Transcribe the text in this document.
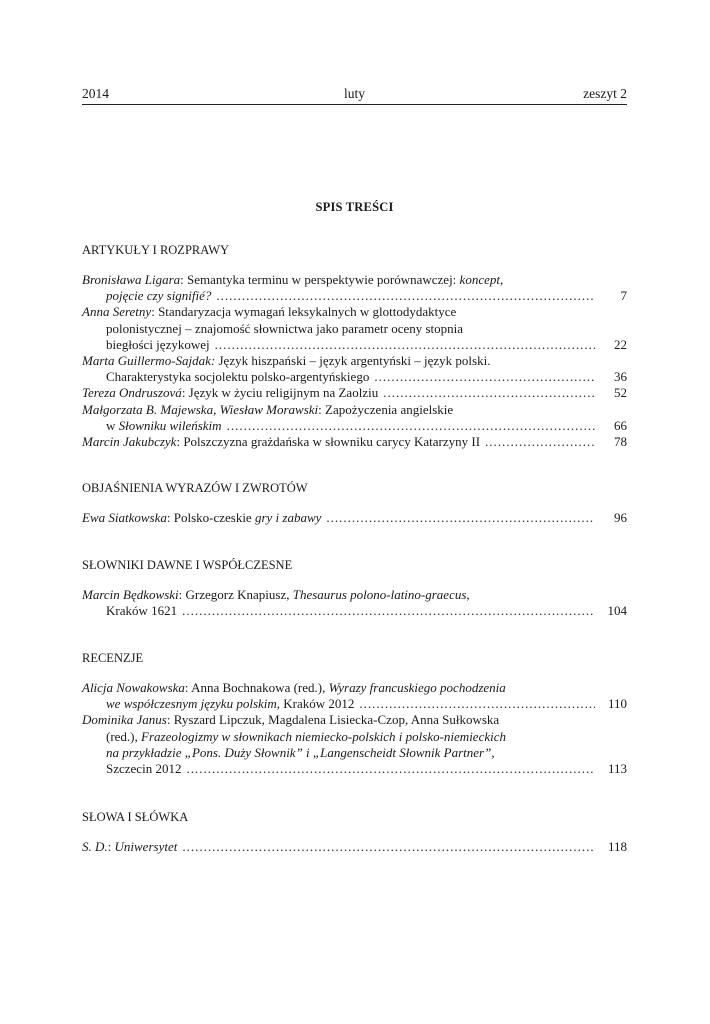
2014	luty	zeszyt 2
SPIS TREŚCI
ARTYKUŁY I ROZPRAWY
Bronisława Ligara: Semantyka terminu w perspektywie porównawczej: koncept,
pojęcie czy signifié? .....	7
Anna Seretny: Standaryzacja wymagań leksykalnych w glottodydaktyce
polonistycznej – znajomość słownictwa jako parametr oceny stopnia
biegłości językowej .....	22
Marta Guillermo-Sajdak: Język hiszpański – język argentyński – język polski.
Charakterystyka socjolektu polsko-argentyńskiego .....	36
Tereza Ondruszová: Język w życiu religijnym na Zaolziu .....	52
Małgorzata B. Majewska, Wiesław Morawski: Zapożyczenia angielskie
w Słowniku wileńskim .....	66
Marcin Jakubczyk: Polszczyzna grażdańska w słowniku carycy Katarzyny II .....	78
OBJAŚNIENIA WYRAZÓW I ZWROTÓW
Ewa Siatkowska: Polsko-czeskie gry i zabawy .....	96
SŁOWNIKI DAWNE I WSPÓŁCZESNE
Marcin Będkowski: Grzegorz Knapiusz, Thesaurus polono-latino-graecus,
Kraków 1621 .....	104
RECENZJE
Alicja Nowakowska: Anna Bochnakowa (red.), Wyrazy francuskiego pochodzenia
we współczesnym języku polskim, Kraków 2012 .....	110
Dominika Janus: Ryszard Lipczuk, Magdalena Lisiecka-Czop, Anna Sułkowska
(red.), Frazeologizmy w słownikach niemiecko-polskich i polsko-niemieckich
na przykładzie „Pons. Duży Słownik” i „Langenscheidt Słownik Partner”,
Szczecin 2012 .....	113
SŁOWA I SŁÓWKA
S. D.: Uniwersytet .....	118
